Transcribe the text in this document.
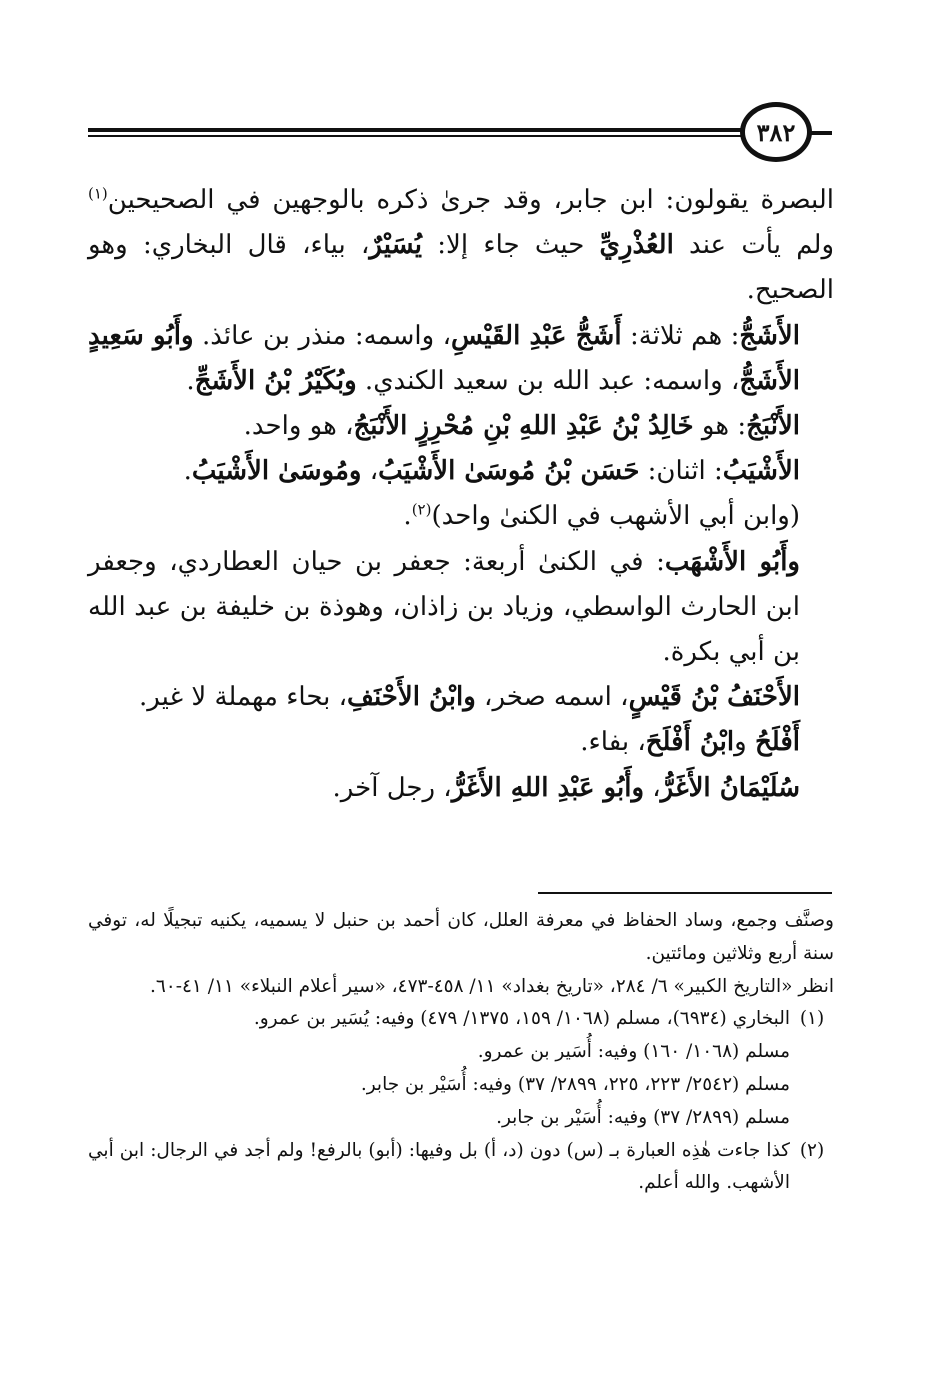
٣٨٢

البصرة يقولون: ابن جابر، وقد جرىٰ ذكره بالوجهين في الصحيحين$^{(١)}$ ولم يأت عند العُذْرِيِّ حيث جاء إلا: يُسَيْرٌ، بياء، قال البخاري: وهو الصحيح.

الأَشَجُّ: هم ثلاثة: أَشَجُّ عَبْدِ القَيْسِ، واسمه: منذر بن عائذ. وأَبُو سَعِيدٍ الأَشَجُّ، واسمه: عبد الله بن سعيد الكندي. وبُكَيْرُ بْنُ الأَشَجِّ.

الأَنْبَجُ: هو خَالِدُ بْنُ عَبْدِ اللهِ بْنِ مُحْرِزٍ الأَنْبَجُ، هو واحد.

الأَشْيَبُ: اثنان: حَسَن بْنُ مُوسَىٰ الأَشْيَبُ، ومُوسَىٰ الأَشْيَبُ.

(وابن أبي الأشهب في الكنىٰ واحد)$^{(٢)}$.

وأَبُو الأَشْهَب: في الكنىٰ أربعة: جعفر بن حيان العطاردي، وجعفر ابن الحارث الواسطي، وزياد بن زاذان، وهوذة بن خليفة بن عبد الله بن أبي بكرة.

الأَحْنَفُ بْنُ قَيْسٍ، اسمه صخر، وابْنُ الأَحْنَفِ، بحاء مهملة لا غير.

أَفْلَحُ وابْنُ أَفْلَحَ، بفاء.

سُلَيْمَانُ الأَغَرُّ، وأَبُو عَبْدِ اللهِ الأَغَرُّ، رجل آخر.

وصنَّف وجمع، وساد الحفاظ في معرفة العلل، كان أحمد بن حنبل لا يسميه، يكنيه تبجيلًا له، توفي سنة أربع وثلاثين ومائتين.

انظر «التاريخ الكبير» ٦/ ٢٨٤، «تاريخ بغداد» ١١/ ٤٥٨-٤٧٣، «سير أعلام النبلاء» ١١/ ٤١-٦٠.

(١)

البخاري (٦٩٣٤)، مسلم (١٠٦٨/ ١٥٩، ١٣٧٥/ ٤٧٩) وفيه: يُسَير بن عمرو.

مسلم (١٠٦٨/ ١٦٠) وفيه: أُسَير بن عمرو.

مسلم (٢٥٤٢/ ٢٢٣، ٢٢٥، ٢٨٩٩/ ٣٧) وفيه: أُسَيْر بن جابر.

مسلم (٢٨٩٩/ ٣٧) وفيه: أُسَيْر بن جابر.

(٢)

كذا جاءت هٰذِه العبارة بـ (س) دون (د، أ) بل وفيها: (أبو) بالرفع! ولم أجد في الرجال: ابن أبي الأشهب. والله أعلم.
